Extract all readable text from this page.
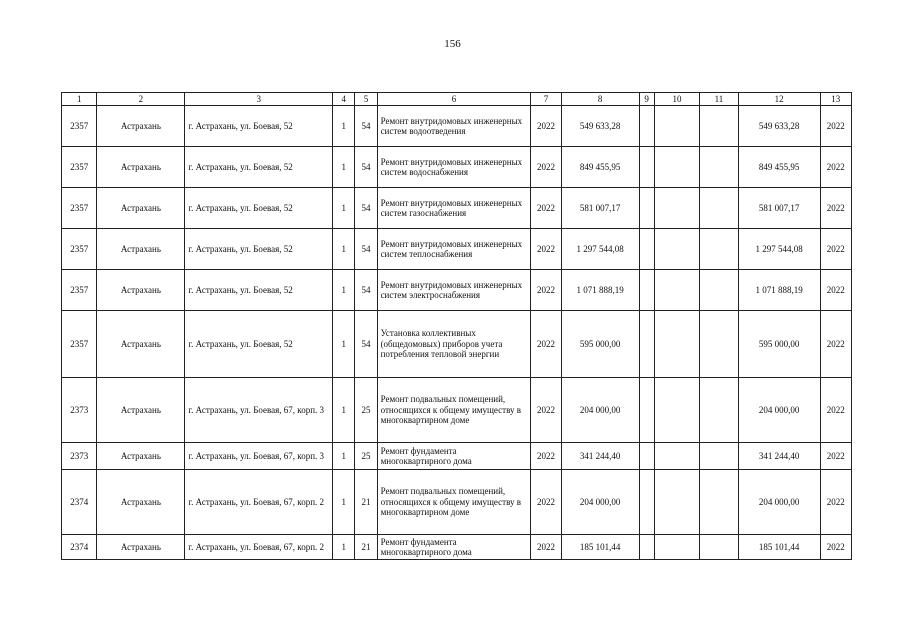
156
1	2	3	4	5	6	7	8	9	10	11	12	13
2357	Астрахань	г. Астрахань, ул. Боевая, 52	1	54	Ремонт внутридомовых инженерных систем водоотведения	2022	549 633,28				549 633,28	2022
2357	Астрахань	г. Астрахань, ул. Боевая, 52	1	54	Ремонт внутридомовых инженерных систем водоснабжения	2022	849 455,95				849 455,95	2022
2357	Астрахань	г. Астрахань, ул. Боевая, 52	1	54	Ремонт внутридомовых инженерных систем газоснабжения	2022	581 007,17				581 007,17	2022
2357	Астрахань	г. Астрахань, ул. Боевая, 52	1	54	Ремонт внутридомовых инженерных систем теплоснабжения	2022	1 297 544,08				1 297 544,08	2022
2357	Астрахань	г. Астрахань, ул. Боевая, 52	1	54	Ремонт внутридомовых инженерных систем электроснабжения	2022	1 071 888,19				1 071 888,19	2022
2357	Астрахань	г. Астрахань, ул. Боевая, 52	1	54	Установка коллективных (общедомовых) приборов учета потребления тепловой энергии	2022	595 000,00				595 000,00	2022
2373	Астрахань	г. Астрахань, ул. Боевая, 67, корп. 3	1	25	Ремонт подвальных помещений, относящихся к общему имуществу в многоквартирном доме	2022	204 000,00				204 000,00	2022
2373	Астрахань	г. Астрахань, ул. Боевая, 67, корп. 3	1	25	Ремонт фундамента многоквартирного дома	2022	341 244,40				341 244,40	2022
2374	Астрахань	г. Астрахань, ул. Боевая, 67, корп. 2	1	21	Ремонт подвальных помещений, относящихся к общему имуществу в многоквартирном доме	2022	204 000,00				204 000,00	2022
2374	Астрахань	г. Астрахань, ул. Боевая, 67, корп. 2	1	21	Ремонт фундамента многоквартирного дома	2022	185 101,44				185 101,44	2022
